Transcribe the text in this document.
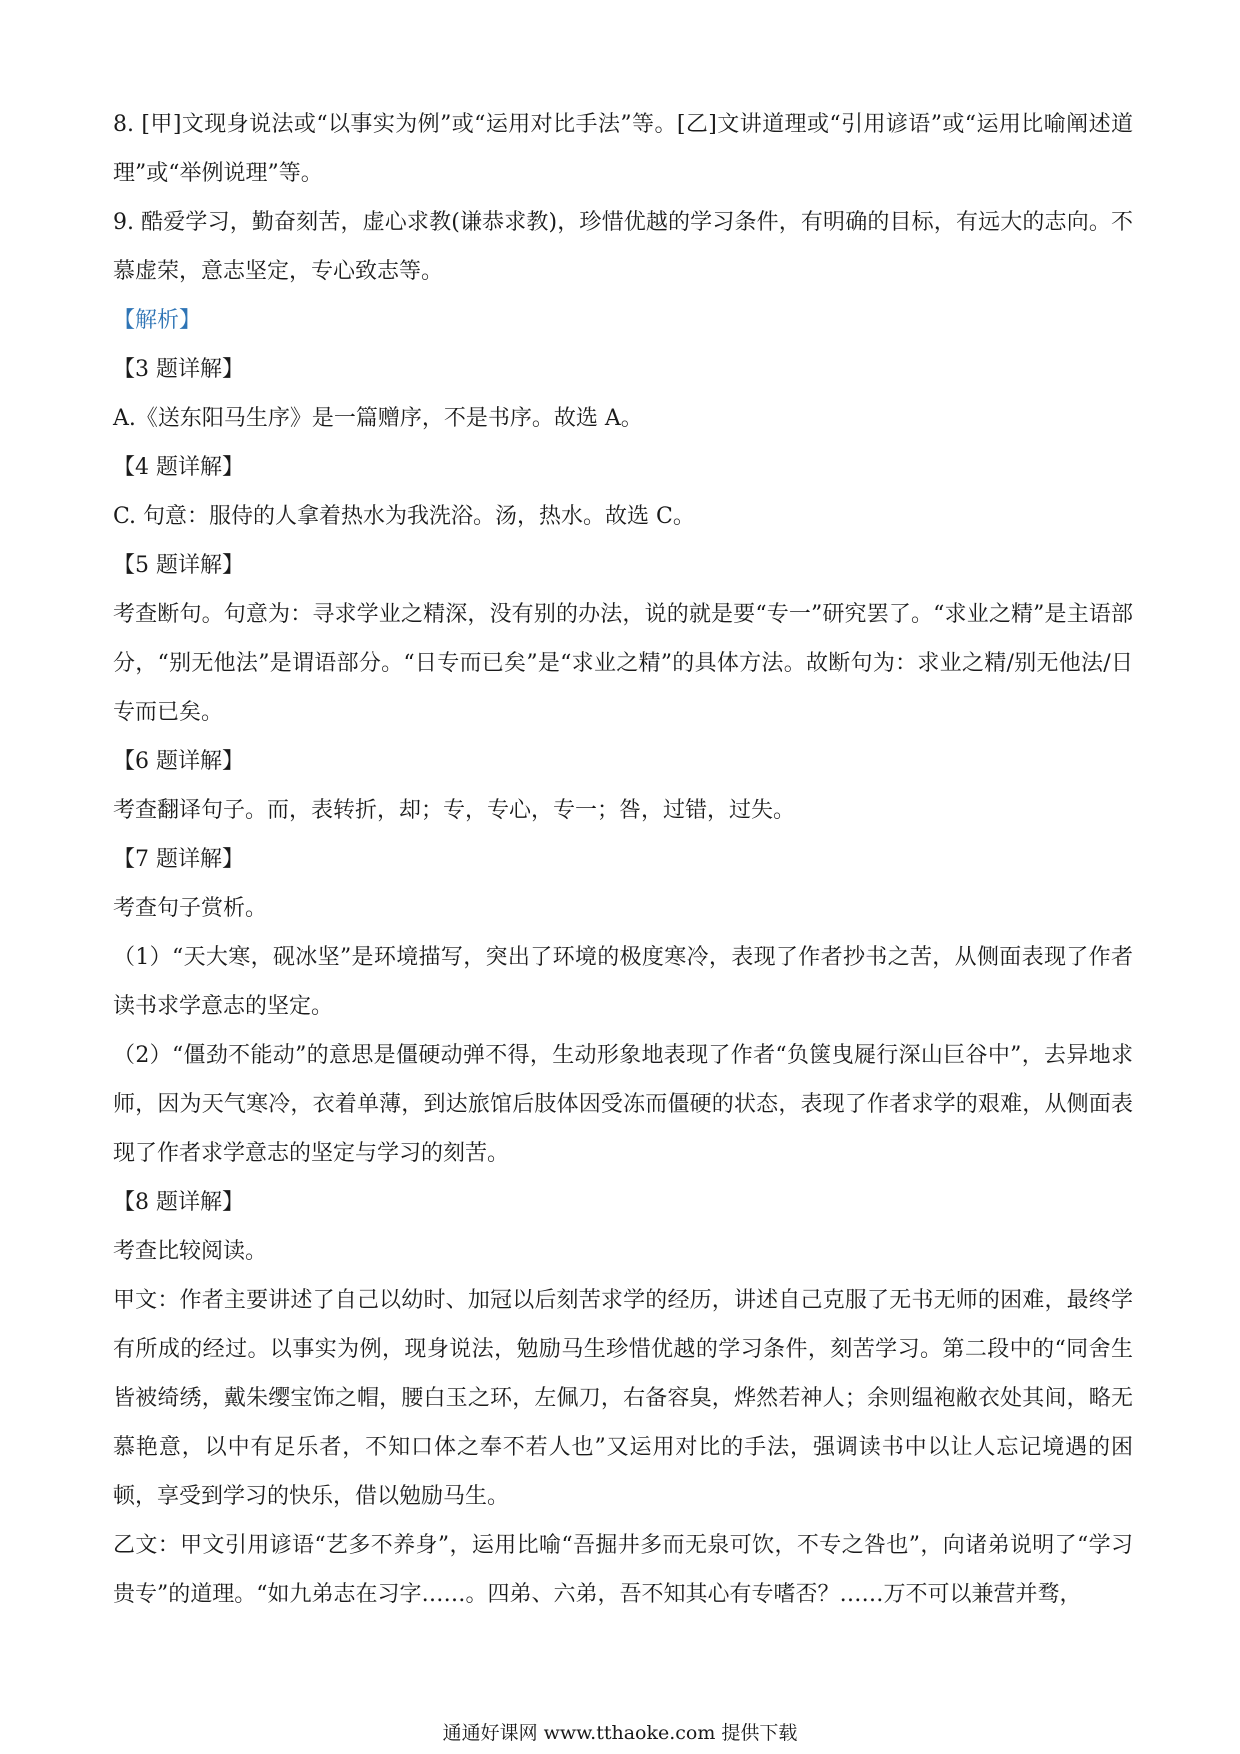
8. [甲]文现身说法或“以事实为例”或“运用对比手法”等。[乙]文讲道理或“引用谚语”或“运用比喻阐述道理”或“举例说理”等。

9. 酷爱学习，勤奋刻苦，虚心求教(谦恭求教)，珍惜优越的学习条件，有明确的目标，有远大的志向。不慕虚荣，意志坚定，专心致志等。

【解析】

【3 题详解】

A.《送东阳马生序》是一篇赠序，不是书序。故选 A。

【4 题详解】

C. 句意：服侍的人拿着热水为我洗浴。汤，热水。故选 C。

【5 题详解】

考查断句。句意为：寻求学业之精深，没有别的办法，说的就是要“专一”研究罢了。“求业之精”是主语部分，“别无他法”是谓语部分。“日专而已矣”是“求业之精”的具体方法。故断句为：求业之精/别无他法/日专而已矣。

【6 题详解】

考查翻译句子。而，表转折，却；专，专心，专一；咎，过错，过失。

【7 题详解】

考查句子赏析。

（1）“天大寒，砚冰坚”是环境描写，突出了环境的极度寒冷，表现了作者抄书之苦，从侧面表现了作者读书求学意志的坚定。

（2）“僵劲不能动”的意思是僵硬动弹不得，生动形象地表现了作者“负箧曳屣行深山巨谷中”，去异地求师，因为天气寒冷，衣着单薄，到达旅馆后肢体因受冻而僵硬的状态，表现了作者求学的艰难，从侧面表现了作者求学意志的坚定与学习的刻苦。

【8 题详解】

考查比较阅读。

甲文：作者主要讲述了自己以幼时、加冠以后刻苦求学的经历，讲述自己克服了无书无师的困难，最终学有所成的经过。以事实为例，现身说法，勉励马生珍惜优越的学习条件，刻苦学习。第二段中的“同舍生皆被绮绣，戴朱缨宝饰之帽，腰白玉之环，左佩刀，右备容臭，烨然若神人；余则缊袍敝衣处其间，略无慕艳意，以中有足乐者，不知口体之奉不若人也”又运用对比的手法，强调读书中以让人忘记境遇的困顿，享受到学习的快乐，借以勉励马生。

乙文：甲文引用谚语“艺多不养身”，运用比喻“吾掘井多而无泉可饮，不专之咎也”，向诸弟说明了“学习贵专”的道理。“如九弟志在习字……。四弟、六弟，吾不知其心有专嗜否？……万不可以兼营并骛，

通通好课网 www.tthaoke.com 提供下载
